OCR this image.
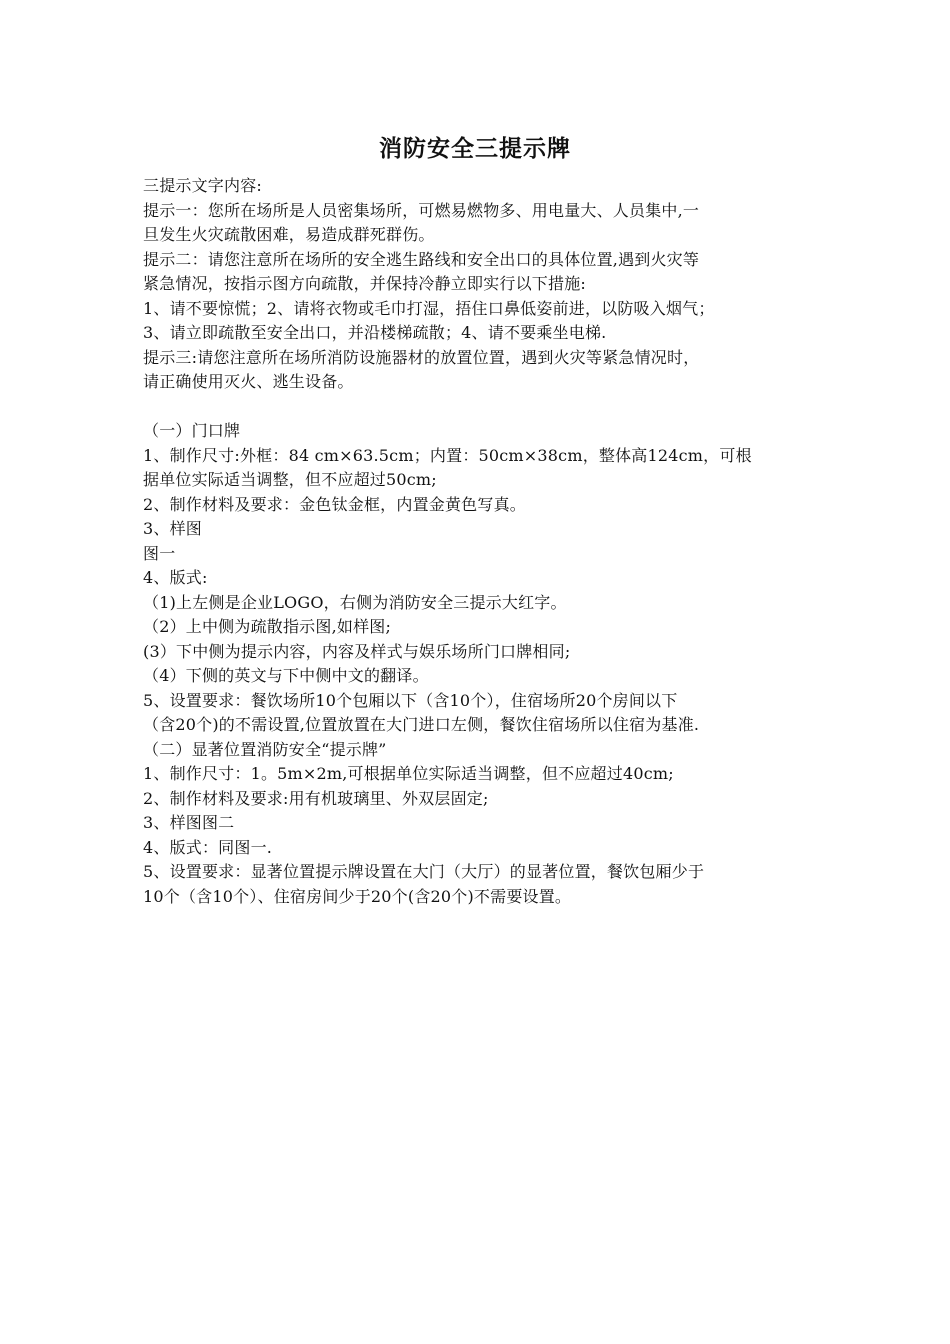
消防安全三提示牌
三提示文字内容:
提示一：您所在场所是人员密集场所，可燃易燃物多、用电量大、人员集中,一
旦发生火灾疏散困难，易造成群死群伤。
提示二：请您注意所在场所的安全逃生路线和安全出口的具体位置,遇到火灾等
紧急情况，按指示图方向疏散，并保持冷静立即实行以下措施:
1、请不要惊慌；2、请将衣物或毛巾打湿，捂住口鼻低姿前进，以防吸入烟气；
3、请立即疏散至安全出口，并沿楼梯疏散；4、请不要乘坐电梯.
提示三:请您注意所在场所消防设施器材的放置位置，遇到火灾等紧急情况时，
请正确使用灭火、逃生设备。
（一）门口牌
1、制作尺寸:外框：84 cm×63.5cm；内置：50cm×38cm，整体高124cm，可根
据单位实际适当调整，但不应超过50cm;
2、制作材料及要求：金色钛金框，内置金黄色写真。
3、样图
图一
4、版式:
（1)上左侧是企业LOGO，右侧为消防安全三提示大红字。
（2）上中侧为疏散指示图,如样图;
(3）下中侧为提示内容，内容及样式与娱乐场所门口牌相同;
（4）下侧的英文与下中侧中文的翻译。
5、设置要求：餐饮场所10个包厢以下（含10个），住宿场所20个房间以下
（含20个)的不需设置,位置放置在大门进口左侧，餐饮住宿场所以住宿为基准.
（二）显著位置消防安全“提示牌”
1、制作尺寸：1。5m×2m,可根据单位实际适当调整，但不应超过40cm;
2、制作材料及要求:用有机玻璃里、外双层固定;
3、样图图二
4、版式：同图一.
5、设置要求：显著位置提示牌设置在大门（大厅）的显著位置，餐饮包厢少于
10个（含10个）、住宿房间少于20个(含20个)不需要设置。
